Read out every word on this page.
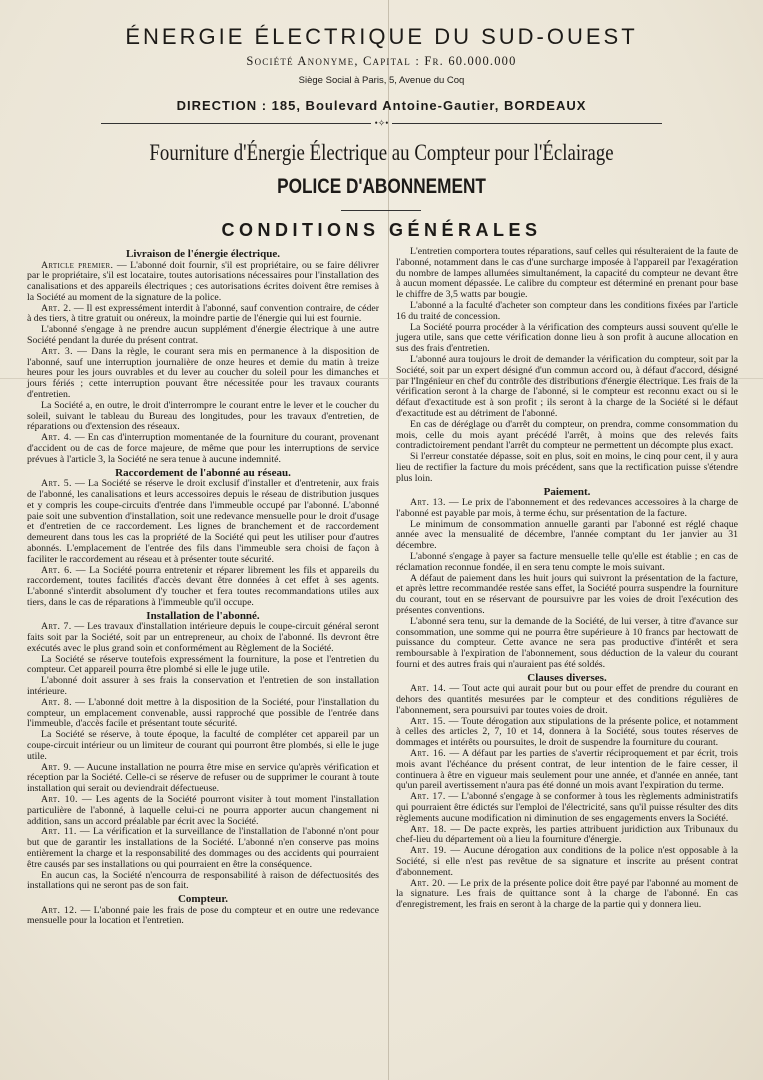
ÉNERGIE ÉLECTRIQUE DU SUD-OUEST
Société Anonyme, Capital : Fr. 60.000.000
Siège Social à Paris, 5, Avenue du Coq
DIRECTION : 185, Boulevard Antoine-Gautier, BORDEAUX
•✧•
Fourniture d'Énergie Électrique au Compteur pour l'Éclairage
POLICE D'ABONNEMENT
CONDITIONS GÉNÉRALES
Livraison de l'énergie électrique.

Article premier. — L'abonné doit fournir, s'il est propriétaire, ou se faire délivrer par le propriétaire, s'il est locataire, toutes autorisations nécessaires pour l'installation des canalisations et des appareils électriques ; ces autorisations écrites doivent être remises à la Société au moment de la signature de la police.

Art. 2. — Il est expressément interdit à l'abonné, sauf convention contraire, de céder à des tiers, à titre gratuit ou onéreux, la moindre partie de l'énergie qui lui est fournie.

L'abonné s'engage à ne prendre aucun supplément d'énergie électrique à une autre Société pendant la durée du présent contrat.

Art. 3. — Dans la règle, le courant sera mis en permanence à la disposition de l'abonné, sauf une interruption journalière de onze heures et demie du matin à treize heures pour les jours ouvrables et du lever au coucher du soleil pour les dimanches et jours fériés ; cette interruption pouvant être nécessitée pour les travaux courants d'entretien.

La Société a, en outre, le droit d'interrompre le courant entre le lever et le coucher du soleil, suivant le tableau du Bureau des longitudes, pour les travaux d'entretien, de réparations ou d'extension des réseaux.

Art. 4. — En cas d'interruption momentanée de la fourniture du courant, provenant d'accident ou de cas de force majeure, de même que pour les interruptions de service prévues à l'article 3, la Société ne sera tenue à aucune indemnité.

Raccordement de l'abonné au réseau.

Art. 5. — La Société se réserve le droit exclusif d'installer et d'entretenir, aux frais de l'abonné, les canalisations et leurs accessoires depuis le réseau de distribution jusques et y compris les coupe-circuits d'entrée dans l'immeuble occupé par l'abonné. L'abonné paie soit une subvention d'installation, soit une redevance mensuelle pour le droit d'usage et d'entretien de ce raccordement. Les lignes de branchement et de raccordement demeurent dans tous les cas la propriété de la Société qui peut les utiliser pour d'autres abonnés. L'emplacement de l'entrée des fils dans l'immeuble sera choisi de façon à faciliter le raccordement au réseau et à présenter toute sécurité.

Art. 6. — La Société pourra entretenir et réparer librement les fils et appareils du raccordement, toutes facilités d'accès devant être données à cet effet à ses agents. L'abonné s'interdit absolument d'y toucher et fera toutes recommandations utiles aux tiers, dans le cas de réparations à l'immeuble qu'il occupe.

Installation de l'abonné.

Art. 7. — Les travaux d'installation intérieure depuis le coupe-circuit général seront faits soit par la Société, soit par un entrepreneur, au choix de l'abonné. Ils devront être exécutés avec le plus grand soin et conformément au Règlement de la Société.

La Société se réserve toutefois expressément la fourniture, la pose et l'entretien du compteur. Cet appareil pourra être plombé si elle le juge utile.

L'abonné doit assurer à ses frais la conservation et l'entretien de son installation intérieure.

Art. 8. — L'abonné doit mettre à la disposition de la Société, pour l'installation du compteur, un emplacement convenable, aussi rapproché que possible de l'entrée dans l'immeuble, d'accès facile et présentant toute sécurité.

La Société se réserve, à toute époque, la faculté de compléter cet appareil par un coupe-circuit intérieur ou un limiteur de courant qui pourront être plombés, si elle le juge utile.

Art. 9. — Aucune installation ne pourra être mise en service qu'après vérification et réception par la Société. Celle-ci se réserve de refuser ou de supprimer le courant à toute installation qui serait ou deviendrait défectueuse.

Art. 10. — Les agents de la Société pourront visiter à tout moment l'installation particulière de l'abonné, à laquelle celui-ci ne pourra apporter aucun changement ni addition, sans un accord préalable par écrit avec la Société.

Art. 11. — La vérification et la surveillance de l'installation de l'abonné n'ont pour but que de garantir les installations de la Société. L'abonné n'en conserve pas moins entièrement la charge et la responsabilité des dommages ou des accidents qui pourraient être causés par ses installations ou qui pourraient en être la conséquence.

En aucun cas, la Société n'encourra de responsabilité à raison de défectuosités des installations qui ne seront pas de son fait.

Compteur.

Art. 12. — L'abonné paie les frais de pose du compteur et en outre une redevance mensuelle pour la location et l'entretien.

L'entretien comportera toutes réparations, sauf celles qui résulteraient de la faute de l'abonné, notamment dans le cas d'une surcharge imposée à l'appareil par l'exagération du nombre de lampes allumées simultanément, la capacité du compteur ne devant être à aucun moment dépassée. Le calibre du compteur est déterminé en prenant pour base le chiffre de 3,5 watts par bougie.

L'abonné a la faculté d'acheter son compteur dans les conditions fixées par l'article 16 du traité de concession.

La Société pourra procéder à la vérification des compteurs aussi souvent qu'elle le jugera utile, sans que cette vérification donne lieu à son profit à aucune allocation en sus des frais d'entretien.

L'abonné aura toujours le droit de demander la vérification du compteur, soit par la Société, soit par un expert désigné d'un commun accord ou, à défaut d'accord, désigné par l'Ingénieur en chef du contrôle des distributions d'énergie électrique. Les frais de la vérification seront à la charge de l'abonné, si le compteur est reconnu exact ou si le défaut d'exactitude est à son profit ; ils seront à la charge de la Société si le défaut d'exactitude est au détriment de l'abonné.

En cas de déréglage ou d'arrêt du compteur, on prendra, comme consommation du mois, celle du mois ayant précédé l'arrêt, à moins que des relevés faits contradictoirement pendant l'arrêt du compteur ne permettent un décompte plus exact.

Si l'erreur constatée dépasse, soit en plus, soit en moins, le cinq pour cent, il y aura lieu de rectifier la facture du mois précédent, sans que la rectification puisse s'étendre plus loin.

Paiement.

Art. 13. — Le prix de l'abonnement et des redevances accessoires à la charge de l'abonné est payable par mois, à terme échu, sur présentation de la facture.

Le minimum de consommation annuelle garanti par l'abonné est réglé chaque année avec la mensualité de décembre, l'année comptant du 1er janvier au 31 décembre.

L'abonné s'engage à payer sa facture mensuelle telle qu'elle est établie ; en cas de réclamation reconnue fondée, il en sera tenu compte le mois suivant.

A défaut de paiement dans les huit jours qui suivront la présentation de la facture, et après lettre recommandée restée sans effet, la Société pourra suspendre la fourniture du courant, tout en se réservant de poursuivre par les voies de droit l'exécution des présentes conventions.

L'abonné sera tenu, sur la demande de la Société, de lui verser, à titre d'avance sur consommation, une somme qui ne pourra être supérieure à 10 francs par hectowatt de puissance du compteur. Cette avance ne sera pas productive d'intérêt et sera remboursable à l'expiration de l'abonnement, sous déduction de la valeur du courant fourni et des autres frais qui n'auraient pas été soldés.

Clauses diverses.

Art. 14. — Tout acte qui aurait pour but ou pour effet de prendre du courant en dehors des quantités mesurées par le compteur et des conditions régulières de l'abonnement, sera poursuivi par toutes voies de droit.

Art. 15. — Toute dérogation aux stipulations de la présente police, et notamment à celles des articles 2, 7, 10 et 14, donnera à la Société, sous toutes réserves de dommages et intérêts ou poursuites, le droit de suspendre la fourniture du courant.

Art. 16. — A défaut par les parties de s'avertir réciproquement et par écrit, trois mois avant l'échéance du présent contrat, de leur intention de le faire cesser, il continuera à être en vigueur mais seulement pour une année, et d'année en année, tant qu'un pareil avertissement n'aura pas été donné un mois avant l'expiration du terme.

Art. 17. — L'abonné s'engage à se conformer à tous les règlements administratifs qui pourraient être édictés sur l'emploi de l'électricité, sans qu'il puisse résulter des dits règlements aucune modification ni diminution de ses engagements envers la Société.

Art. 18. — De pacte exprès, les parties attribuent juridiction aux Tribunaux du chef-lieu du département où a lieu la fourniture d'énergie.

Art. 19. — Aucune dérogation aux conditions de la police n'est opposable à la Société, si elle n'est pas revêtue de sa signature et inscrite au présent contrat d'abonnement.

Art. 20. — Le prix de la présente police doit être payé par l'abonné au moment de la signature. Les frais de quittance sont à la charge de l'abonné. En cas d'enregistrement, les frais en seront à la charge de la partie qui y donnera lieu.
